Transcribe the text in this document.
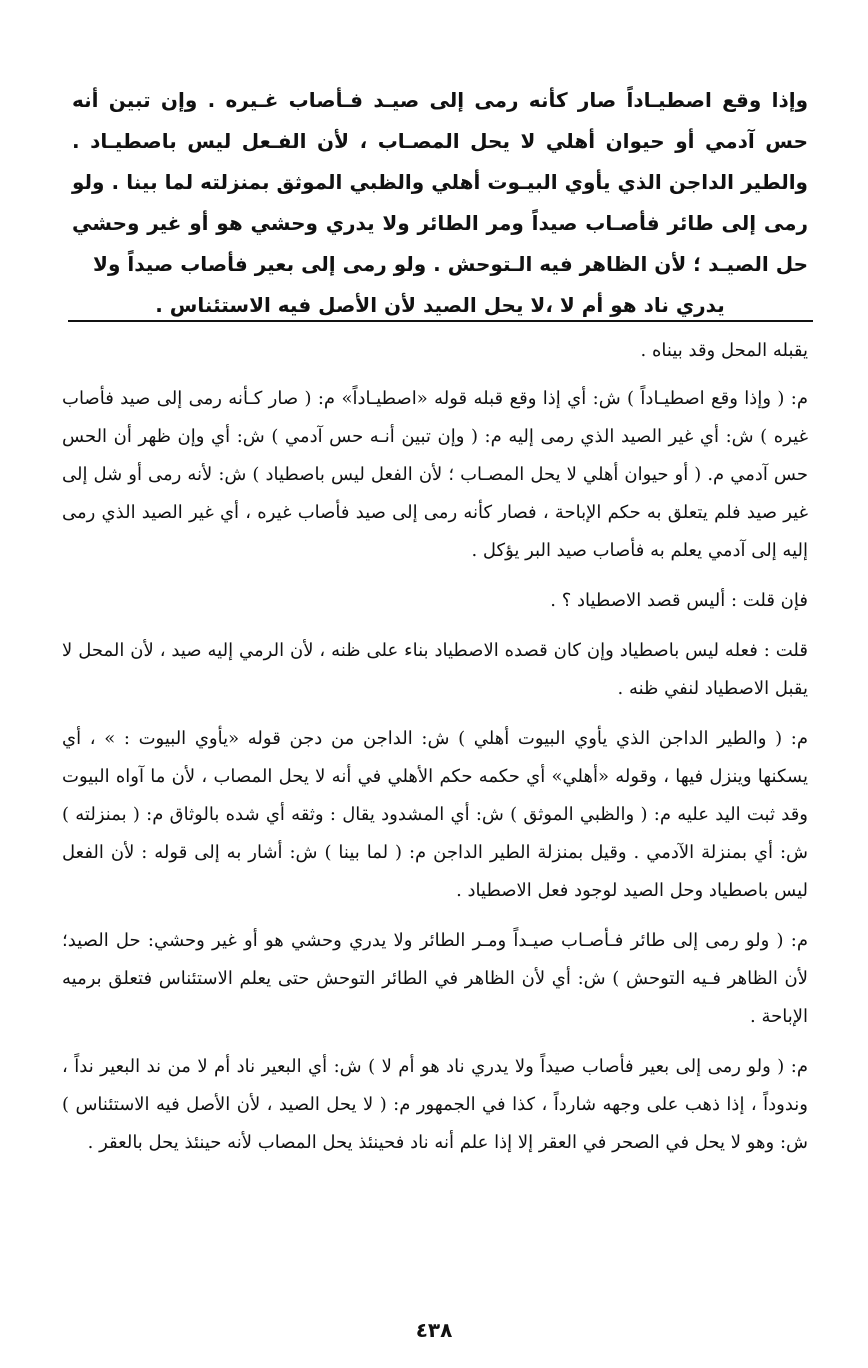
وإذا وقع اصطيـاداً صار كأنه رمى إلى صيـد فـأصاب غـيره . وإن تبين أنه حس آدمي أو حيوان أهلي لا يحل المصـاب ، لأن الفـعل ليس باصطيـاد . والطير الداجن الذي يأوي البيـوت أهلي والظبي الموثق بمنزلته لما بينا . ولو رمى إلى طائر فأصـاب صيداً ومر الطائر ولا يدري وحشي هو أو غير وحشي حل الصيـد ؛ لأن الظاهر فيه الـتوحش . ولو رمى إلى بعير فأصاب صيداً ولا

يدري ناد هو أم لا ،لا يحل الصيد لأن الأصل فيه الاستئناس .

يقبله المحل وقد بيناه .

م: ( وإذا وقع اصطيـاداً ) ش: أي إذا وقع قبله قوله «اصطيـاداً» م: ( صار كـأنه رمى إلى صيد فأصاب غيره ) ش: أي غير الصيد الذي رمى إليه م: ( وإن تبين أنـه حس آدمي ) ش: أي وإن ظهر أن الحس حس آدمي م. ( أو حيوان أهلي لا يحل المصـاب ؛ لأن الفعل ليس باصطياد ) ش: لأنه رمى أو شل إلى غير صيد فلم يتعلق به حكم الإباحة ، فصار كأنه رمى إلى صيد فأصاب غيره ، أي غير الصيد الذي رمى إليه إلى آدمي يعلم به فأصاب صيد البر يؤكل .

فإن قلت : أليس قصد الاصطياد ؟ .

قلت : فعله ليس باصطياد وإن كان قصده الاصطياد بناء على ظنه ، لأن الرمي إليه صيد ، لأن المحل لا يقبل الاصطياد لنفي ظنه .

م: ( والطير الداجن الذي يأوي البيوت أهلي ) ش: الداجن من دجن قوله «يأوي البيوت : » ، أي يسكنها وينزل فيها ، وقوله «أهلي» أي حكمه حكم الأهلي في أنه لا يحل المصاب ، لأن ما آواه البيوت وقد ثبت اليد عليه م: ( والظبي الموثق ) ش: أي المشدود يقال : وثقه أي شده بالوثاق م: ( بمنزلته ) ش: أي بمنزلة الآدمي . وقيل بمنزلة الطير الداجن م: ( لما بينا ) ش: أشار به إلى قوله : لأن الفعل ليس باصطياد وحل الصيد لوجود فعل الاصطياد .

م: ( ولو رمى إلى طائر فـأصـاب صيـداً ومـر الطائر ولا يدري وحشي هو أو غير وحشي: حل الصيد؛ لأن الظاهر فـيه التوحش ) ش: أي لأن الظاهر في الطائر التوحش حتى يعلم الاستئناس فتعلق برميه الإباحة .

م: ( ولو رمى إلى بعير فأصاب صيداً ولا يدري ناد هو أم لا ) ش: أي البعير ناد أم لا من ند البعير نداً ، وندوداً ، إذا ذهب على وجهه شارداً ، كذا في الجمهور م: ( لا يحل الصيد ، لأن الأصل فيه الاستئناس ) ش: وهو لا يحل في الصحر في العقر إلا إذا علم أنه ناد فحينئذ يحل المصاب لأنه حينئذ يحل بالعقر .

٤٣٨
